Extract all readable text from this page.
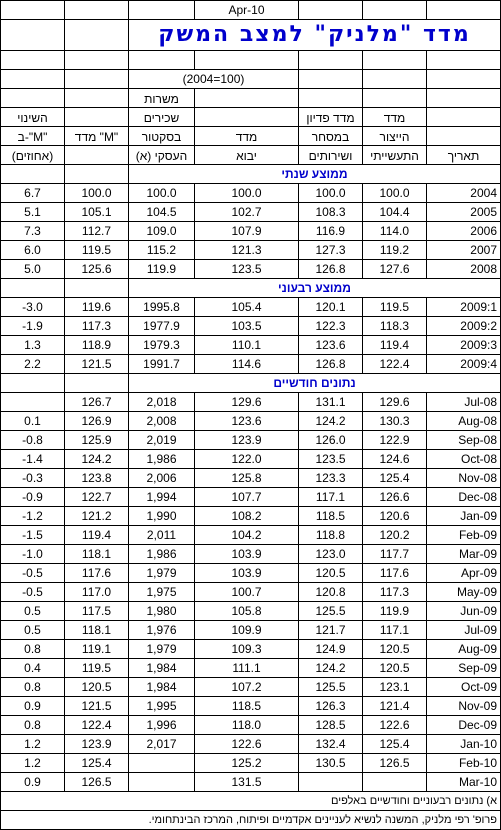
			Apr-10			
		מדד "מלניק" למצב המשק				

		(2004=100)				
		משרות				
השינוי		שכירים		מדד פדיון	מדד	
ב-"M"	מדד "M"	בסקטור	מדד	במסחר	הייצור	
(אחוזים)		העסקי (א)	יבוא	ושירותים	התעשייתי	תאריך
		ממוצע שנתי				
6.7	100.0	100.0	100.0	100.0	100.0	2004
5.1	105.1	104.5	102.7	108.3	104.4	2005
7.3	112.7	109.0	107.9	116.9	114.0	2006
6.0	119.5	115.2	121.3	127.3	119.2	2007
5.0	125.6	119.9	123.5	126.8	127.6	2008
		ממוצע רבעוני				
-3.0	119.6	1995.8	105.4	120.1	119.5	2009:1
-1.9	117.3	1977.9	103.5	122.3	118.3	2009:2
1.3	118.9	1979.3	110.1	123.6	119.4	2009:3
2.2	121.5	1991.7	114.6	126.8	122.4	2009:4
		נתונים חודשיים				
	126.7	2,018	129.6	131.1	129.6	Jul-08
0.1	126.9	2,008	123.6	124.2	130.3	Aug-08
-0.8	125.9	2,019	123.9	126.0	122.9	Sep-08
-1.4	124.2	1,986	122.0	123.5	124.6	Oct-08
-0.3	123.8	2,006	125.8	123.3	125.4	Nov-08
-0.9	122.7	1,994	107.7	117.1	126.6	Dec-08
-1.2	121.2	1,990	108.2	118.5	120.6	Jan-09
-1.5	119.4	2,011	104.2	118.8	120.2	Feb-09
-1.0	118.1	1,986	103.9	123.0	117.7	Mar-09
-0.5	117.6	1,979	103.9	120.5	117.6	Apr-09
-0.5	117.0	1,975	100.7	120.8	117.3	May-09
0.5	117.5	1,980	105.8	125.5	119.9	Jun-09
0.5	118.1	1,976	109.9	121.7	117.1	Jul-09
0.8	119.1	1,979	109.3	124.9	120.5	Aug-09
0.4	119.5	1,984	111.1	124.2	120.5	Sep-09
0.8	120.5	1,984	107.2	125.5	123.1	Oct-09
0.9	121.5	1,995	118.5	126.3	121.4	Nov-09
0.8	122.4	1,996	118.0	128.5	122.6	Dec-09
1.2	123.9	2,017	122.6	132.4	125.4	Jan-10
1.2	125.4		125.2	130.5	126.5	Feb-10
0.9	126.5		131.5			Mar-10
א) נתונים רבעוניים וחודשיים באלפים						
פרופ' רפי מלניק, המשנה לנשיא לעניינים אקדמיים ופיתוח, המרכז הבינתחומי.						
